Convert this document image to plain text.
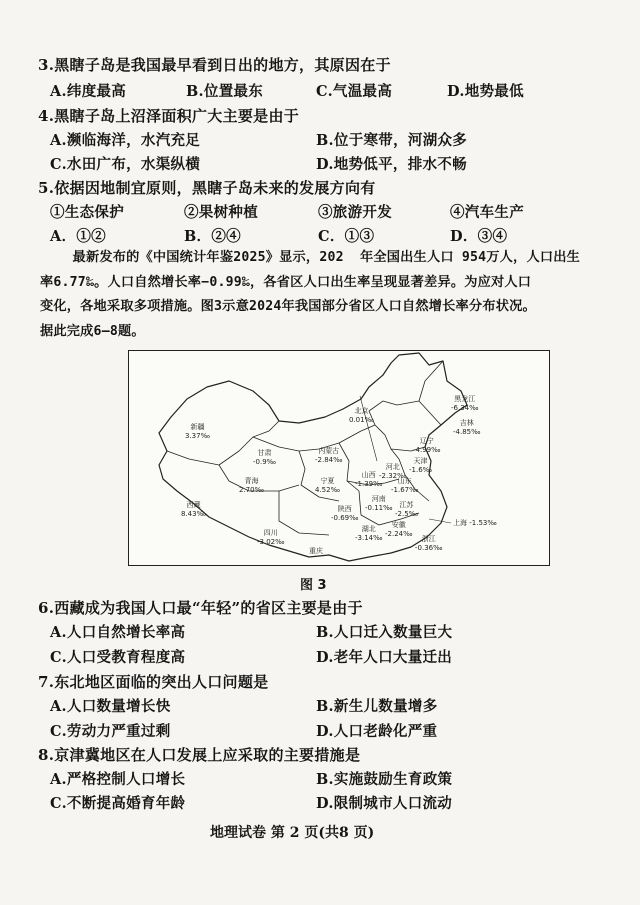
3.黑瞎子岛是我国最早看到日出的地方，其原因在于
A.纬度最高	B.位置最东	C.气温最高	D.地势最低
4.黑瞎子岛上沼泽面积广大主要是由于
A.濒临海洋，水汽充足	B.位于寒带，河湖众多
C.水田广布，水渠纵横	D.地势低平，排水不畅
5.依据因地制宜原则，黑瞎子岛未来的发展方向有
①生态保护	②果树种植	③旅游开发	④汽车生产
A．①②	B．②④	C．①③	D．③④
最新发布的《中国统计年鉴2025》显示，202  年全国出生人口 954万人，人口出生
率6.77‰。人口自然增长率−0.99‰，各省区人口出生率呈现显著差异。为应对人口
变化，各地采取多项措施。图3示意2024年我国部分省区人口自然增长率分布状况。
据此完成6—8题。
新疆
3.37‰
西藏
8.43‰
青海
2.70‰
甘肃
-0.9‰
内蒙古
-2.84‰
宁夏
4.52‰
北京
0.01‰
黑龙江
-6.34‰
吉林
-4.85‰
辽宁
-4.99‰
天津
-1.6‰
河北
-2.32‰
山西
-1.39‰	山东
-1.67‰
陕西
-0.69‰
河南
-0.11‰	江苏
-2.5‰
上海 -1.53‰
安徽
-2.24‰
四川
-3.02‰
湖北
-3.14‰
重庆
浙江
-0.36‰
图 3
6.西藏成为我国人口最“年轻”的省区主要是由于
A.人口自然增长率高	B.人口迁入数量巨大
C.人口受教育程度高	D.老年人口大量迁出
7.东北地区面临的突出人口问题是
A.人口数量增长快	B.新生儿数量增多
C.劳动力严重过剩	D.人口老龄化严重
8.京津冀地区在人口发展上应采取的主要措施是
A.严格控制人口增长	B.实施鼓励生育政策
C.不断提高婚育年龄	D.限制城市人口流动
地理试卷 第 2 页(共8 页)
